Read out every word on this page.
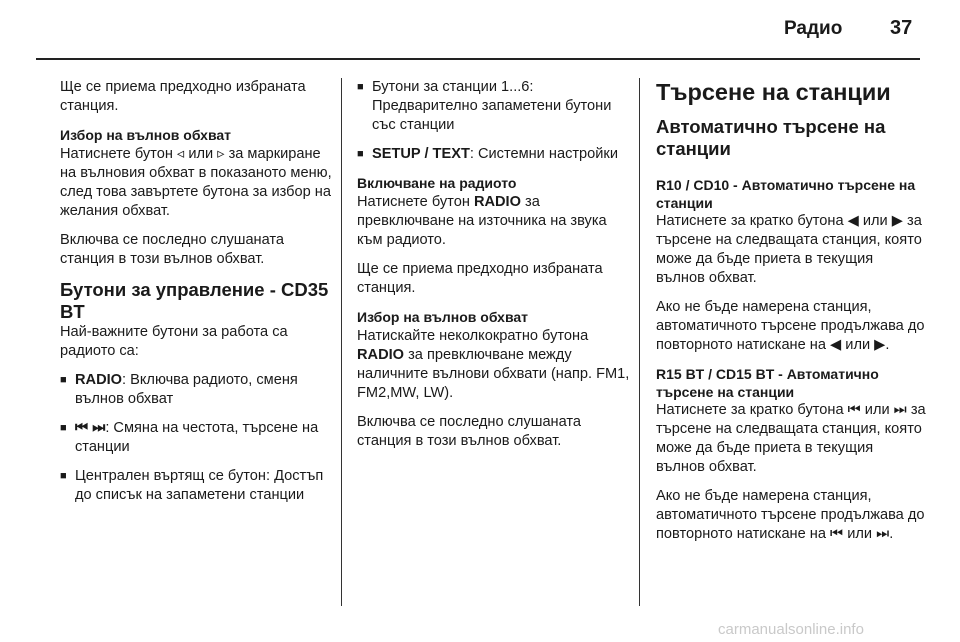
Радио 37

Ще се приема предходно избраната станция.

Избор на вълнов обхват

Натиснете бутон ◃ или ▹ за маркиране на вълновия обхват в показаното меню, след това завъртете бутона за избор на желания обхват.

Включва се последно слушаната станция в този вълнов обхват.

Бутони за управление - CD35 BT

Най-важните бутони за работа са радиото са:

■ RADIO: Включва радиото, сменя вълнов обхват
■ ⏮ ⏭: Смяна на честота, търсене на станции
■ Централен въртящ се бутон: Достъп до списък на запаметени станции
■ Бутони за станции 1...6: Предварително запаметени бутони със станции
■ SETUP / TEXT: Системни настройки
Включване на радиото

Натиснете бутон RADIO за превключване на източника на звука към радиото.

Ще се приема предходно избраната станция.

Избор на вълнов обхват

Натискайте неколкократно бутона RADIO за превключване между наличните вълнови обхвати (напр. FM1, FM2,MW, LW).

Включва се последно слушаната станция в този вълнов обхват.

Търсене на станции
Автоматично търсене на станции
R10 / CD10 - Автоматично търсене на станции

Натиснете за кратко бутона ◀ или ▶ за търсене на следващата станция, която може да бъде приета в текущия вълнов обхват.

Ако не бъде намерена станция, автоматичното търсене продължава до повторното натискане на ◀ или ▶.

R15 BT / CD15 BT - Автоматично търсене на станции

Натиснете за кратко бутона ⏮ или ⏭ за търсене на следващата станция, която може да бъде приета в текущия вълнов обхват.

Ако не бъде намерена станция, автоматичното търсене продължава до повторното натискане на ⏮ или ⏭.

carmanualsonline.info
